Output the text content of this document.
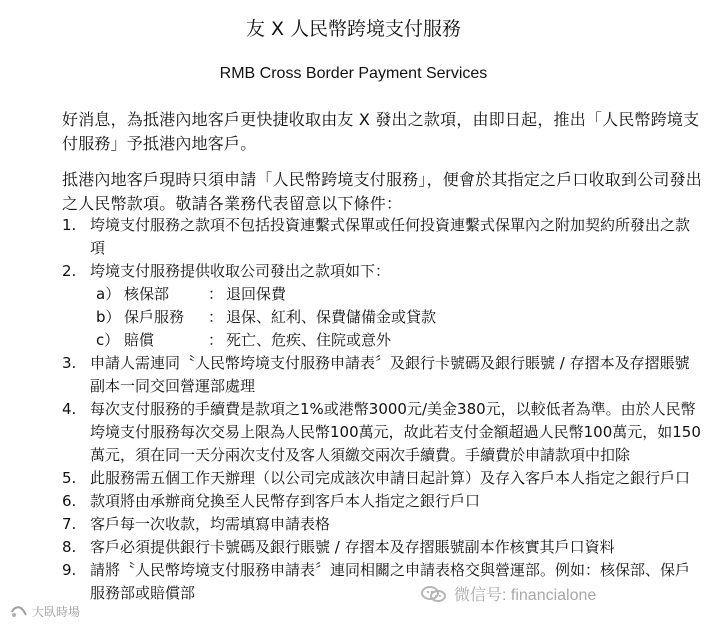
友 X 人民幣跨境支付服務
RMB Cross Border Payment Services
好消息，為抵港內地客戶更快捷收取由友 X 發出之款項，由即日起，推出「人民幣跨境支付服務」予抵港內地客戶。
抵港內地客戶現時只須申請「人民幣跨境支付服務」，便會於其指定之戶口收取到公司發出之人民幣款項。敬請各業務代表留意以下條件：
1. 垮境支付服務之款項不包括投資連繫式保單或任何投資連繫式保單內之附加契約所發出之款項
2. 垮境支付服務提供收取公司發出之款項如下：
a） 核保部	： 退回保費
b） 保戶服務	： 退保、紅利、保費儲備金或貸款
c） 賠償	： 死亡、危疾、住院或意外
3. 申請人需連同〝人民幣垮境支付服務申請表〞及銀行卡號碼及銀行賬號 / 存摺本及存摺賬號副本一同交回營運部處理
4. 每次支付服務的手續費是款項之1%或港幣3000元/美金380元，以較低者為準。由於人民幣垮境支付服務每次交易上限為人民幣100萬元，故此若支付金額超過人民幣100萬元，如150萬元，須在同一天分兩次支付及客人須繳交兩次手續費。手續費於申請款項中扣除
5. 此服務需五個工作天辦理（以公司完成該次申請日起計算）及存入客戶本人指定之銀行戶口
6. 款項將由承辦商兌換至人民幣存到客戶本人指定之銀行戶口
7. 客戶每一次收款，均需填寫申請表格
8. 客戶必須提供銀行卡號碼及銀行賬號 / 存摺本及存摺賬號副本作核實其戶口資料
9. 請將〝人民幣垮境支付服務申請表〞連同相關之申請表格交與營運部。例如：核保部、保戶服務部或賠償部
大臥時場
微信号: financialone
